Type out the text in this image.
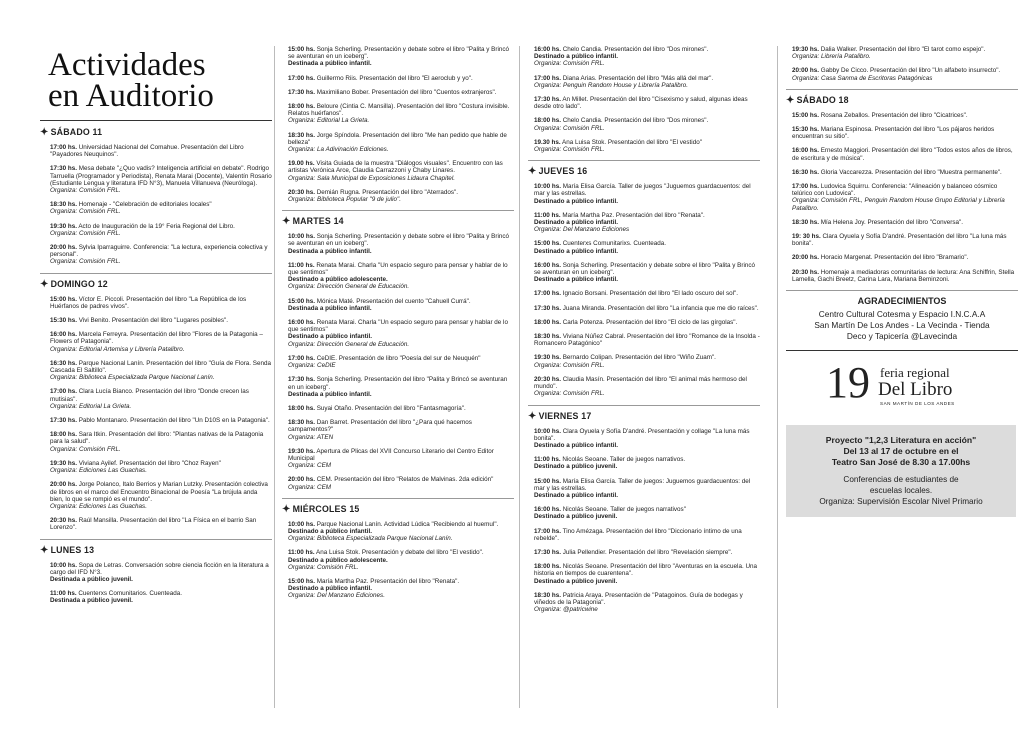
Actividades
en Auditorio
✦ SÁBADO 11
17:00 hs. Universidad Nacional del Comahue. Presentación del Libro "Payadores Neuquinos".
17:30 hs. Mesa debate "¿Quo vadis? Inteligencia artificial en debate". Rodrigo Tarruella (Programador y Periodista), Renata Marai (Docente), Valentín Rosario (Estudiante Lengua y literatura IFD N°3), Manuela Villanueva (Neuróloga).
Organiza: Comisión FRL.
18:30 hs. Homenaje - "Celebración de editoriales locales"
Organiza: Comisión FRL.
19:30 hs. Acto de Inauguración de la 19° Feria Regional del Libro.
Organiza: Comisión FRL.
20:00 hs. Sylvia Iparraguirre. Conferencia: "La lectura, experiencia colectiva y personal".
Organiza: Comisión FRL.
✦ DOMINGO 12
15:00 hs. Víctor E. Piccoli. Presentación del libro "La República de los Huérfanos de padres vivos".
15:30 hs. Vivi Benito. Presentación del libro "Lugares posibles".
16:00 hs. Marcela Ferreyra. Presentación del libro "Flores de la Patagonia – Flowers of Patagonia".
Organiza: Editorial Artemisa y Librería Patalibro.
16:30 hs. Parque Nacional Lanín. Presentación del libro "Guía de Flora. Senda Cascada El Saltillo".
Organiza: Biblioteca Especializada Parque Nacional Lanín.
17:00 hs. Clara Lucía Bianco. Presentación del libro "Donde crecen las mutisias".
Organiza: Editorial La Grieta.
17:30 hs. Pablo Montanaro. Presentación del libro "Un D10S en la Patagonia".
18:00 hs. Sara Itkin. Presentación del libro: "Plantas nativas de la Patagonia para la salud".
Organiza: Comisión FRL.
19:30 hs. Viviana Ayilef. Presentación del libro "Choz Rayen"
Organiza: Ediciones Las Guachas.
20:00 hs. Jorge Polanco, Italo Berrios y Marian Lutzky. Presentación colectiva de libros en el marco del Encuentro Binacional de Poesía "La brújula anda bien, lo que se rompió es el mundo".
Organiza: Ediciones Las Guachas.
20:30 hs. Raúl Mansilla. Presentación del libro "La Física en el barrio San Lorenzo".
✦ LUNES 13
10:00 hs. Sopa de Letras. Conversación sobre ciencia ficción en la literatura a cargo del IFD N°3.
Destinada a público juvenil.
11:00 hs. Cuenterxs Comunitarios. Cuenteada.
Destinada a público juvenil.
15:00 hs. Sonja Scherling. Presentación y debate sobre el libro "Palita y Brincó se aventuran en un iceberg".
Destinada a público infantil.
17:00 hs. Guillermo Riis. Presentación del libro "El aeroclub y yo".
17:30 hs. Maximiliano Bober. Presentación del libro "Cuentos extranjeros".
18:00 hs. Beloure (Cintia C. Mansilla). Presentación del libro "Costura invisible. Relatos huérfanos".
Organiza: Editorial La Grieta.
18:30 hs. Jorge Spíndola. Presentación del libro "Me han pedido que hable de belleza"
Organiza: La Adivinación Ediciones.
19.00 hs. Visita Guiada de la muestra "Diálogos visuales". Encuentro con las artistas Verónica Arce, Claudia Carrazzoni y Chaby Linares.
Organiza: Sala Municipal de Exposiciones Lidaura Chapitel.
20:30 hs. Demián Rugna. Presentación del libro "Aterrados".
Organiza: Biblioteca Popular "9 de julio".
✦ MARTES 14
10:00 hs. Sonja Scherling. Presentación y debate sobre el libro "Palita y Brincó se aventuran en un iceberg".
Destinada a público infantil.
11:00 hs. Renata Marai. Charla "Un espacio seguro para pensar y hablar de lo que sentimos"
Destinado a público adolescente.
Organiza: Dirección General de Educación.
15:00 hs. Mónica Maté. Presentación del cuento "Cahuell Currá".
Destinada a público infantil.
16:00 hs. Renata Marai. Charla "Un espacio seguro para pensar y hablar de lo que sentimos"
Destinado a público infantil.
Organiza: Dirección General de Educación.
17:00 hs. CeDIE. Presentación de libro "Poesía del sur de Neuquén"
Organiza: CeDIE
17:30 hs. Sonja Scherling. Presentación del libro "Palita y Brincó se aventuran en un iceberg".
Destinada a público infantil.
18:00 hs. Suyai Otaño. Presentación del libro "Fantasmagoría".
18:30 hs. Dan Barret. Presentación del libro "¿Para qué hacemos campamentos?"
Organiza: ATEN
19:30 hs. Apertura de Plicas del XVII Concurso Literario del Centro Editor Municipal
Organiza: CEM
20:00 hs. CEM. Presentación del libro "Relatos de Malvinas. 2da edición"
Organiza: CEM
✦ MIÉRCOLES 15
10:00 hs. Parque Nacional Lanín. Actividad Lúdica "Recibiendo al huemul".
Destinado a público infantil.
Organiza: Biblioteca Especializada Parque Nacional Lanín.
11:00 hs. Ana Luisa Stok. Presentación y debate del libro "El vestido".
Destinado a público adolescente.
Organiza: Comisión FRL.
15:00 hs. María Martha Paz. Presentación del libro "Renata".
Destinado a público infantil.
Organiza: Del Manzano Ediciones.
16:00 hs. Chelo Candia. Presentación del libro "Dos mirones".
Destinado a público infantil.
Organiza: Comisión FRL.
17:00 hs. Diana Arias. Presentación del libro "Más allá del mar".
Organiza: Penguin Random House y Librería Patalibro.
17:30 hs. An Millet. Presentación del libro "Cisexismo y salud, algunas ideas desde otro lado".
18:00 hs. Chelo Candia. Presentación del libro "Dos mirones".
Organiza: Comisión FRL.
19.30 hs. Ana Luisa Stok. Presentación del libro "El vestido"
Organiza: Comisión FRL.
✦ JUEVES 16
10:00 hs. María Elisa García. Taller de juegos "Juguemos guardacuentos: del mar y las estrellas.
Destinado a público infantil.
11:00 hs. María Martha Paz. Presentación del libro "Renata".
Destinado a público infantil.
Organiza: Del Manzano Ediciones
15:00 hs. Cuenterxs Comunitarixs. Cuenteada.
Destinado a público infantil.
16:00 hs. Sonja Scherling. Presentación y debate sobre el libro "Palita y Brincó se aventuran en un iceberg".
Destinado a público infantil.
17:00 hs. Ignacio Borsani. Presentación del libro "El lado oscuro del sol".
17:30 hs. Juana Miranda. Presentación del libro "La infancia que me dio raíces".
18:00 hs. Carla Potenza. Presentación del libro "El ciclo de las gírgolas".
18:30 hs. Viviana Núñez Cabral. Presentación del libro "Romance de la Insolda - Romancero Patagónico"
19:30 hs. Bernardo Colipan. Presentación del libro "Wiño Zuam".
Organiza: Comisión FRL.
20:30 hs. Claudia Masín. Presentación del libro "El animal más hermoso del mundo".
Organiza: Comisión FRL.
✦ VIERNES 17
10:00 hs. Clara Oyuela y Sofía D'andré. Presentación y collage "La luna más bonita".
Destinado a público infantil.
11:00 hs. Nicolás Seoane. Taller de juegos narrativos.
Destinado a público juvenil.
15:00 hs. María Elisa García. Taller de juegos: Juguemos guardacuentos: del mar y las estrellas.
Destinado a público infantil.
16:00 hs. Nicolás Seoane. Taller de juegos narrativos"
Destinado a público juvenil.
17:00 hs. Tino Amézaga. Presentación del libro "Diccionario íntimo de una rebelde".
17:30 hs. Julia Pellendier. Presentación del libro "Revelación siempre".
18:00 hs. Nicolás Seoane. Presentación del libro "Aventuras en la escuela. Una historia en tiempos de cuarentena".
Destinado a público juvenil.
18:30 hs. Patricia Araya. Presentación de "Patagoinos. Guía de bodegas y viñedos de la Patagonia".
Organiza: @patricwine
19:30 hs. Dalia Walker. Presentación del libro "El tarot como espejo".
Organiza: Librería Patalibro.
20:00 hs. Gabby De Cicco. Presentación del libro "Un alfabeto insurrecto".
Organiza: Casa Sanma de Escritoras Patagónicas
✦ SÁBADO 18
15:00 hs. Rosana Zeballos. Presentación del libro "Cicatrices".
15:30 hs. Mariana Espinosa. Presentación del libro "Los pájaros heridos encuentran su sitio".
16:00 hs. Ernesto Maggiori. Presentación del libro "Todos estos años de libros, de escritura y de música".
16:30 hs. Gloria Vaccarezza. Presentación del libro "Muestra permanente".
17:00 hs. Ludovica Squirru. Conferencia: "Alineación y balanceo cósmico telúrico con Ludovica".
Organiza: Comisión FRL, Penguin Random House Grupo Editorial y Librería Patalibro.
18:30 hs. Mía Helena Joy. Presentación del libro "Conversa".
19: 30 hs. Clara Oyuela y Sofía D'andré. Presentación del libro "La luna más bonita".
20:00 hs. Horacio Margenat. Presentación del libro "Bramario".
20:30 hs. Homenaje a mediadoras comunitarias de lectura: Ana Schiffrin, Stella Lamella, Gachi Breetz, Carina Lara, Mariana Beminzoni.
AGRADECIMIENTOS
Centro Cultural Cotesma y Espacio I.N.C.A.A
San Martín De Los Andes - La Vecinda - Tienda
Deco y Tapicería @Lavecinda
19 feria regional
Del Libro
SAN MARTÍN DE LOS ANDES
Proyecto "1,2,3 Literatura en acción"
Del 13 al 17 de octubre en el
Teatro San José de 8.30 a 17.00hs
Conferencias de estudiantes de
escuelas locales.
Organiza: Supervisión Escolar Nivel Primario
